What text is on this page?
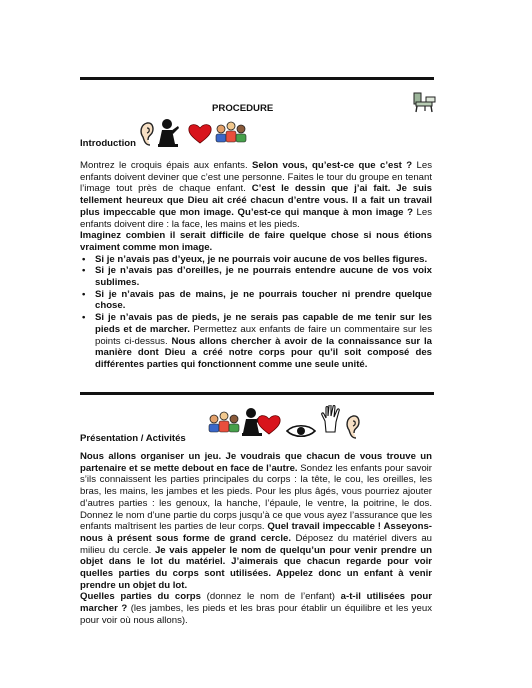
PROCEDURE
Introduction
Montrez le croquis épais aux enfants. Selon vous, qu’est-ce que c’est ? Les enfants doivent deviner que c’est une personne. Faites le tour du groupe en tenant l’image tout près de chaque enfant. C’est le dessin que j’ai fait. Je suis tellement heureux que Dieu ait créé chacun d’entre vous. Il a fait un travail plus impeccable que mon image. Qu’est-ce qui manque à mon image ? Les enfants doivent dire : la face, les mains et les pieds.
Imaginez combien il serait difficile de faire quelque chose si nous étions vraiment comme mon image.
• Si je n’avais pas d’yeux, je ne pourrais voir aucune de vos belles figures.
• Si je n’avais pas d’oreilles, je ne pourrais entendre aucune de vos voix sublimes.
• Si je n’avais pas de mains, je ne pourrais toucher ni prendre quelque chose.
• Si je n’avais pas de pieds, je ne serais pas capable de me tenir sur les pieds et de marcher. Permettez aux enfants de faire un commentaire sur les points ci-dessus. Nous allons chercher à avoir de la connaissance sur la manière dont Dieu a créé notre corps pour qu’il soit composé des différentes parties qui fonctionnent comme une seule unité.
Présentation / Activités
Nous allons organiser un jeu. Je voudrais que chacun de vous trouve un partenaire et se mette debout en face de l’autre. Sondez les enfants pour savoir s’ils connaissent les parties principales du corps : la tête, le cou, les oreilles, les bras, les mains, les jambes et les pieds. Pour les plus âgés, vous pourriez ajouter d’autres parties : les genoux, la hanche, l’épaule, le ventre, la poitrine, le dos. Donnez le nom d’une partie du corps jusqu’à ce que vous ayez l’assurance que les enfants maîtrisent les parties de leur corps. Quel travail impeccable ! Asseyons-nous à présent sous forme de grand cercle. Déposez du matériel divers au milieu du cercle. Je vais appeler le nom de quelqu’un pour venir prendre un objet dans le lot du matériel. J’aimerais que chacun regarde pour voir quelles parties du corps sont utilisées. Appelez donc un enfant à venir prendre un objet du lot.
Quelles parties du corps (donnez le nom de l’enfant) a-t-il utilisées pour marcher ? (les jambes, les pieds et les bras pour établir un équilibre et les yeux pour voir où nous allons).
